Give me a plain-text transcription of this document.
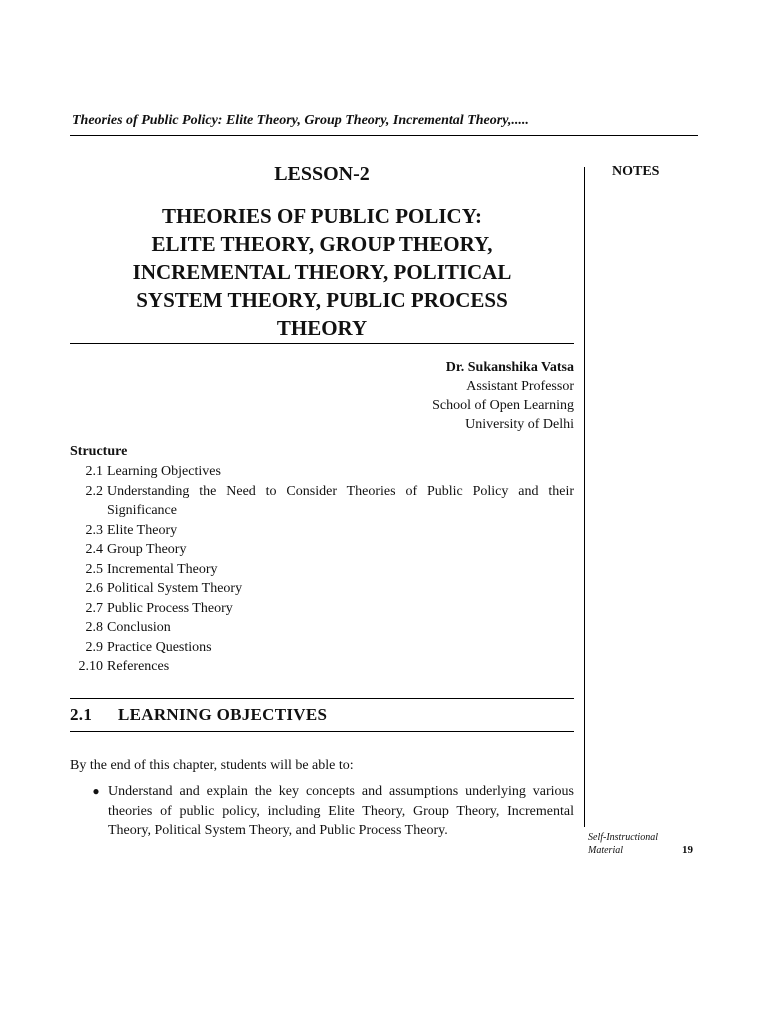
Theories of Public Policy: Elite Theory, Group Theory, Incremental Theory,.....
NOTES
LESSON-2
THEORIES OF PUBLIC POLICY:
ELITE THEORY, GROUP THEORY,
INCREMENTAL THEORY, POLITICAL
SYSTEM THEORY, PUBLIC PROCESS
THEORY
Dr. Sukanshika Vatsa
Assistant Professor
School of Open Learning
University of Delhi
Structure
2.1 Learning Objectives
2.2 Understanding the Need to Consider Theories of Public Policy and their Significance
2.3 Elite Theory
2.4 Group Theory
2.5 Incremental Theory
2.6 Political System Theory
2.7 Public Process Theory
2.8 Conclusion
2.9 Practice Questions
2.10 References
2.1 LEARNING OBJECTIVES

By the end of this chapter, students will be able to:

● Understand and explain the key concepts and assumptions underlying various theories of public policy, including Elite Theory, Group Theory, Incremental Theory, Political System Theory, and Public Process Theory.	Self-Instructional
Material	19
